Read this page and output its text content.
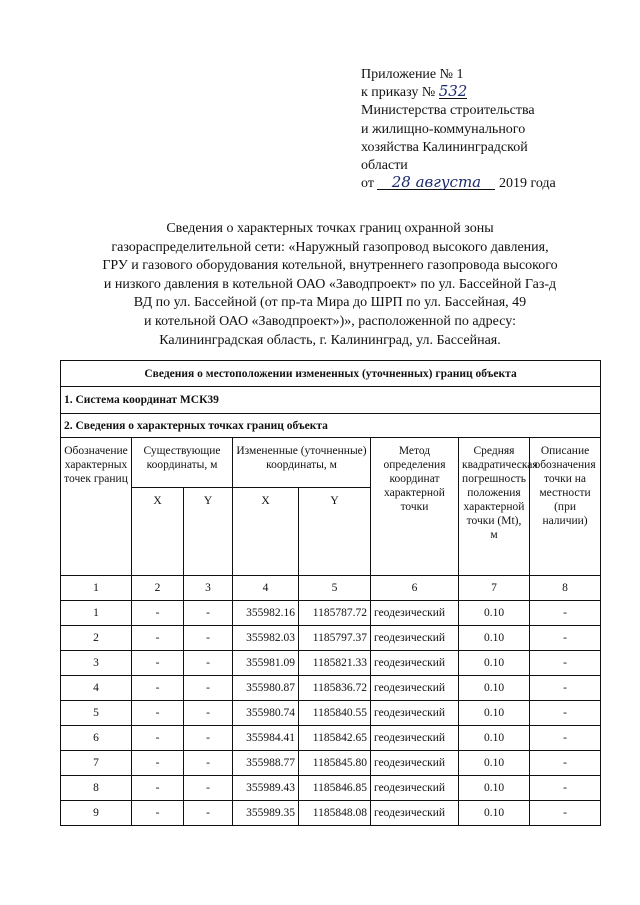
Приложение № 1
к приказу № 532
Министерства строительства
и жилищно-коммунального
хозяйства Калининградской
области
от 28 августа 2019 года
Сведения о характерных точках границ охранной зоны
газораспределительной сети: «Наружный газопровод высокого давления,
ГРУ и газового оборудования котельной, внутреннего газопровода высокого
и низкого давления в котельной ОАО «Заводпроект» по ул. Бассейной Газ-д
ВД по ул. Бассейной (от пр-та Мира до ШРП по ул. Бассейная, 49
и котельной ОАО «Заводпроект»)», расположенной по адресу:
Калининградская область, г. Калининград, ул. Бассейная.
Сведения о местоположении измененных (уточненных) границ объекта							
1. Система координат МСК39							
2. Сведения о характерных точках границ объекта							
Обозначение характерных точек границ	Существующие координаты, м		Измененные (уточненные) координаты, м		Метод определения координат характерной точки	Средняя квадратическая погрешность положения характерной точки (Mt), м	Описание обозначения точки на местности (при наличии)
	X	Y	X	Y			
1	2	3	4	5	6	7	8
1	-	-	355982.16	1185787.72	геодезический	0.10	-
2	-	-	355982.03	1185797.37	геодезический	0.10	-
3	-	-	355981.09	1185821.33	геодезический	0.10	-
4	-	-	355980.87	1185836.72	геодезический	0.10	-
5	-	-	355980.74	1185840.55	геодезический	0.10	-
6	-	-	355984.41	1185842.65	геодезический	0.10	-
7	-	-	355988.77	1185845.80	геодезический	0.10	-
8	-	-	355989.43	1185846.85	геодезический	0.10	-
9	-	-	355989.35	1185848.08	геодезический	0.10	-
